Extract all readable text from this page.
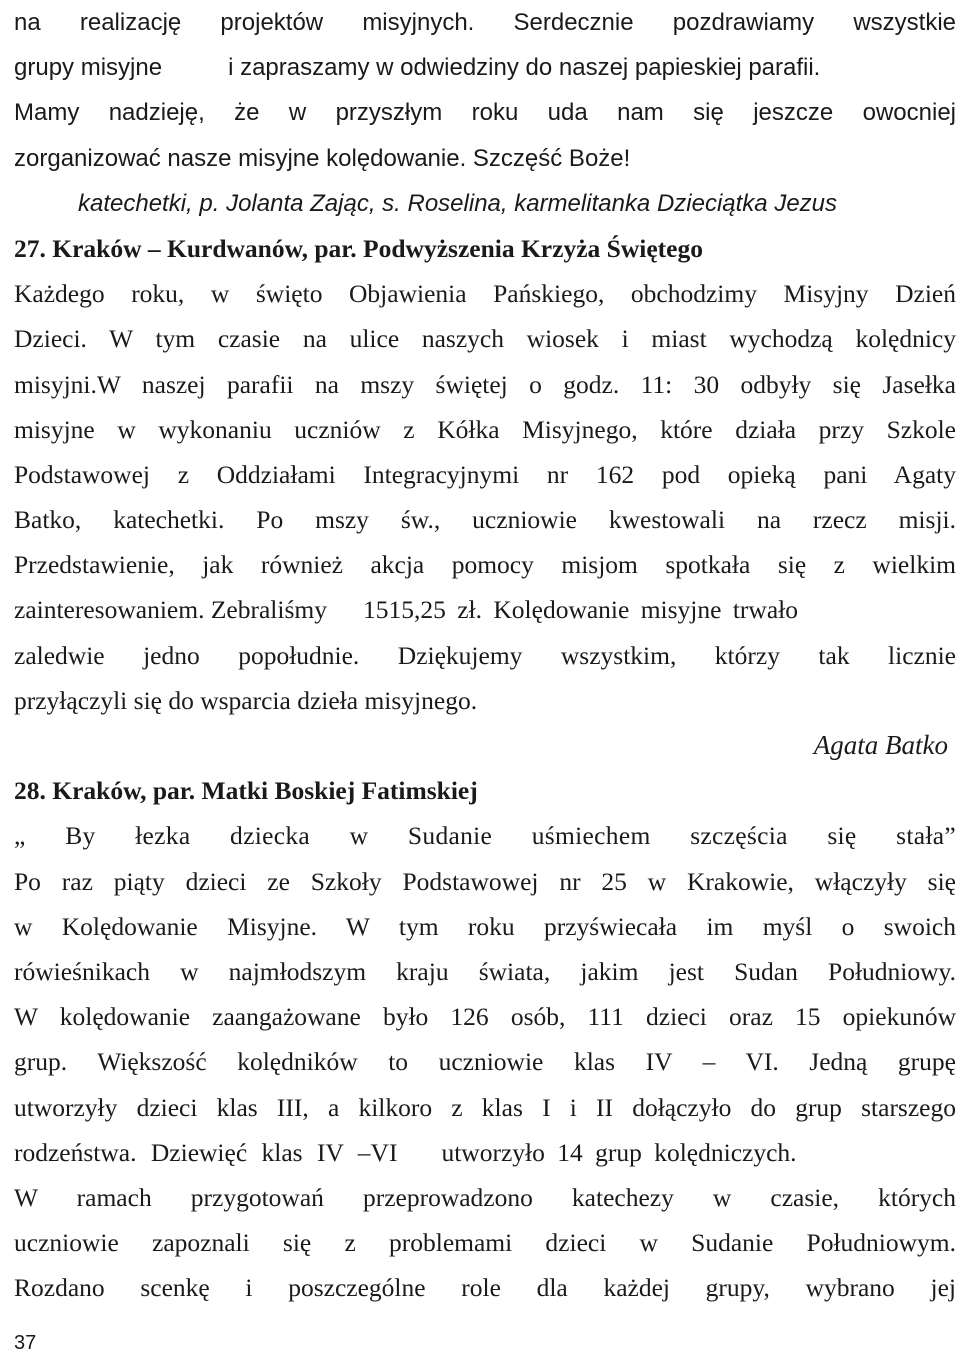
na realizację projektów misyjnych. Serdecznie pozdrawiamy wszystkie
grupy misyjne	i zapraszamy w odwiedziny do naszej papieskiej parafii.
Mamy nadzieję, że w przyszłym roku uda nam się jeszcze owocniej
zorganizować nasze misyjne kolędowanie. Szczęść Boże!
katechetki, p. Jolanta Zając, s. Roselina, karmelitanka Dzieciątka Jezus
27. Kraków – Kurdwanów, par. Podwyższenia Krzyża Świętego
Każdego roku, w święto Objawienia Pańskiego, obchodzimy Misyjny Dzień
Dzieci. W tym czasie na ulice naszych wiosek i miast wychodzą kolędnicy
misyjni.W naszej parafii na mszy świętej o godz. 11: 30 odbyły się Jasełka
misyjne w wykonaniu uczniów z Kółka Misyjnego, które działa przy Szkole
Podstawowej z Oddziałami Integracyjnymi nr 162 pod opieką pani Agaty
Batko, katechetki. Po mszy św., uczniowie kwestowali na rzecz misji.
Przedstawienie, jak również akcja pomocy misjom spotkała się z wielkim
zainteresowaniem. Zebraliśmy 1515,25 zł. Kolędowanie misyjne trwało
zaledwie jedno popołudnie. Dziękujemy wszystkim, którzy tak licznie
przyłączyli się do wsparcia dzieła misyjnego.
Agata Batko
28. Kraków, par. Matki Boskiej Fatimskiej
„ By łezka dziecka w Sudanie uśmiechem szczęścia się stała”
Po raz piąty dzieci ze Szkoły Podstawowej nr 25 w Krakowie, włączyły się
w Kolędowanie Misyjne. W tym roku przyświecała im myśl o swoich
rówieśnikach w najmłodszym kraju świata, jakim jest Sudan Południowy.
W kolędowanie zaangażowane było 126 osób, 111 dzieci oraz 15 opiekunów
grup. Większość kolędników to uczniowie klas IV – VI. Jedną grupę
utworzyły dzieci klas III, a kilkoro z klas I i II dołączyło do grup starszego
rodzeństwa. Dziewięć klas IV –VI utworzyło 14 grup kolędniczych.
W ramach przygotowań przeprowadzono katechezy w czasie, których
uczniowie zapoznali się z problemami dzieci w Sudanie Południowym.
Rozdano scenkę i poszczególne role dla każdej grupy, wybrano jej
37
